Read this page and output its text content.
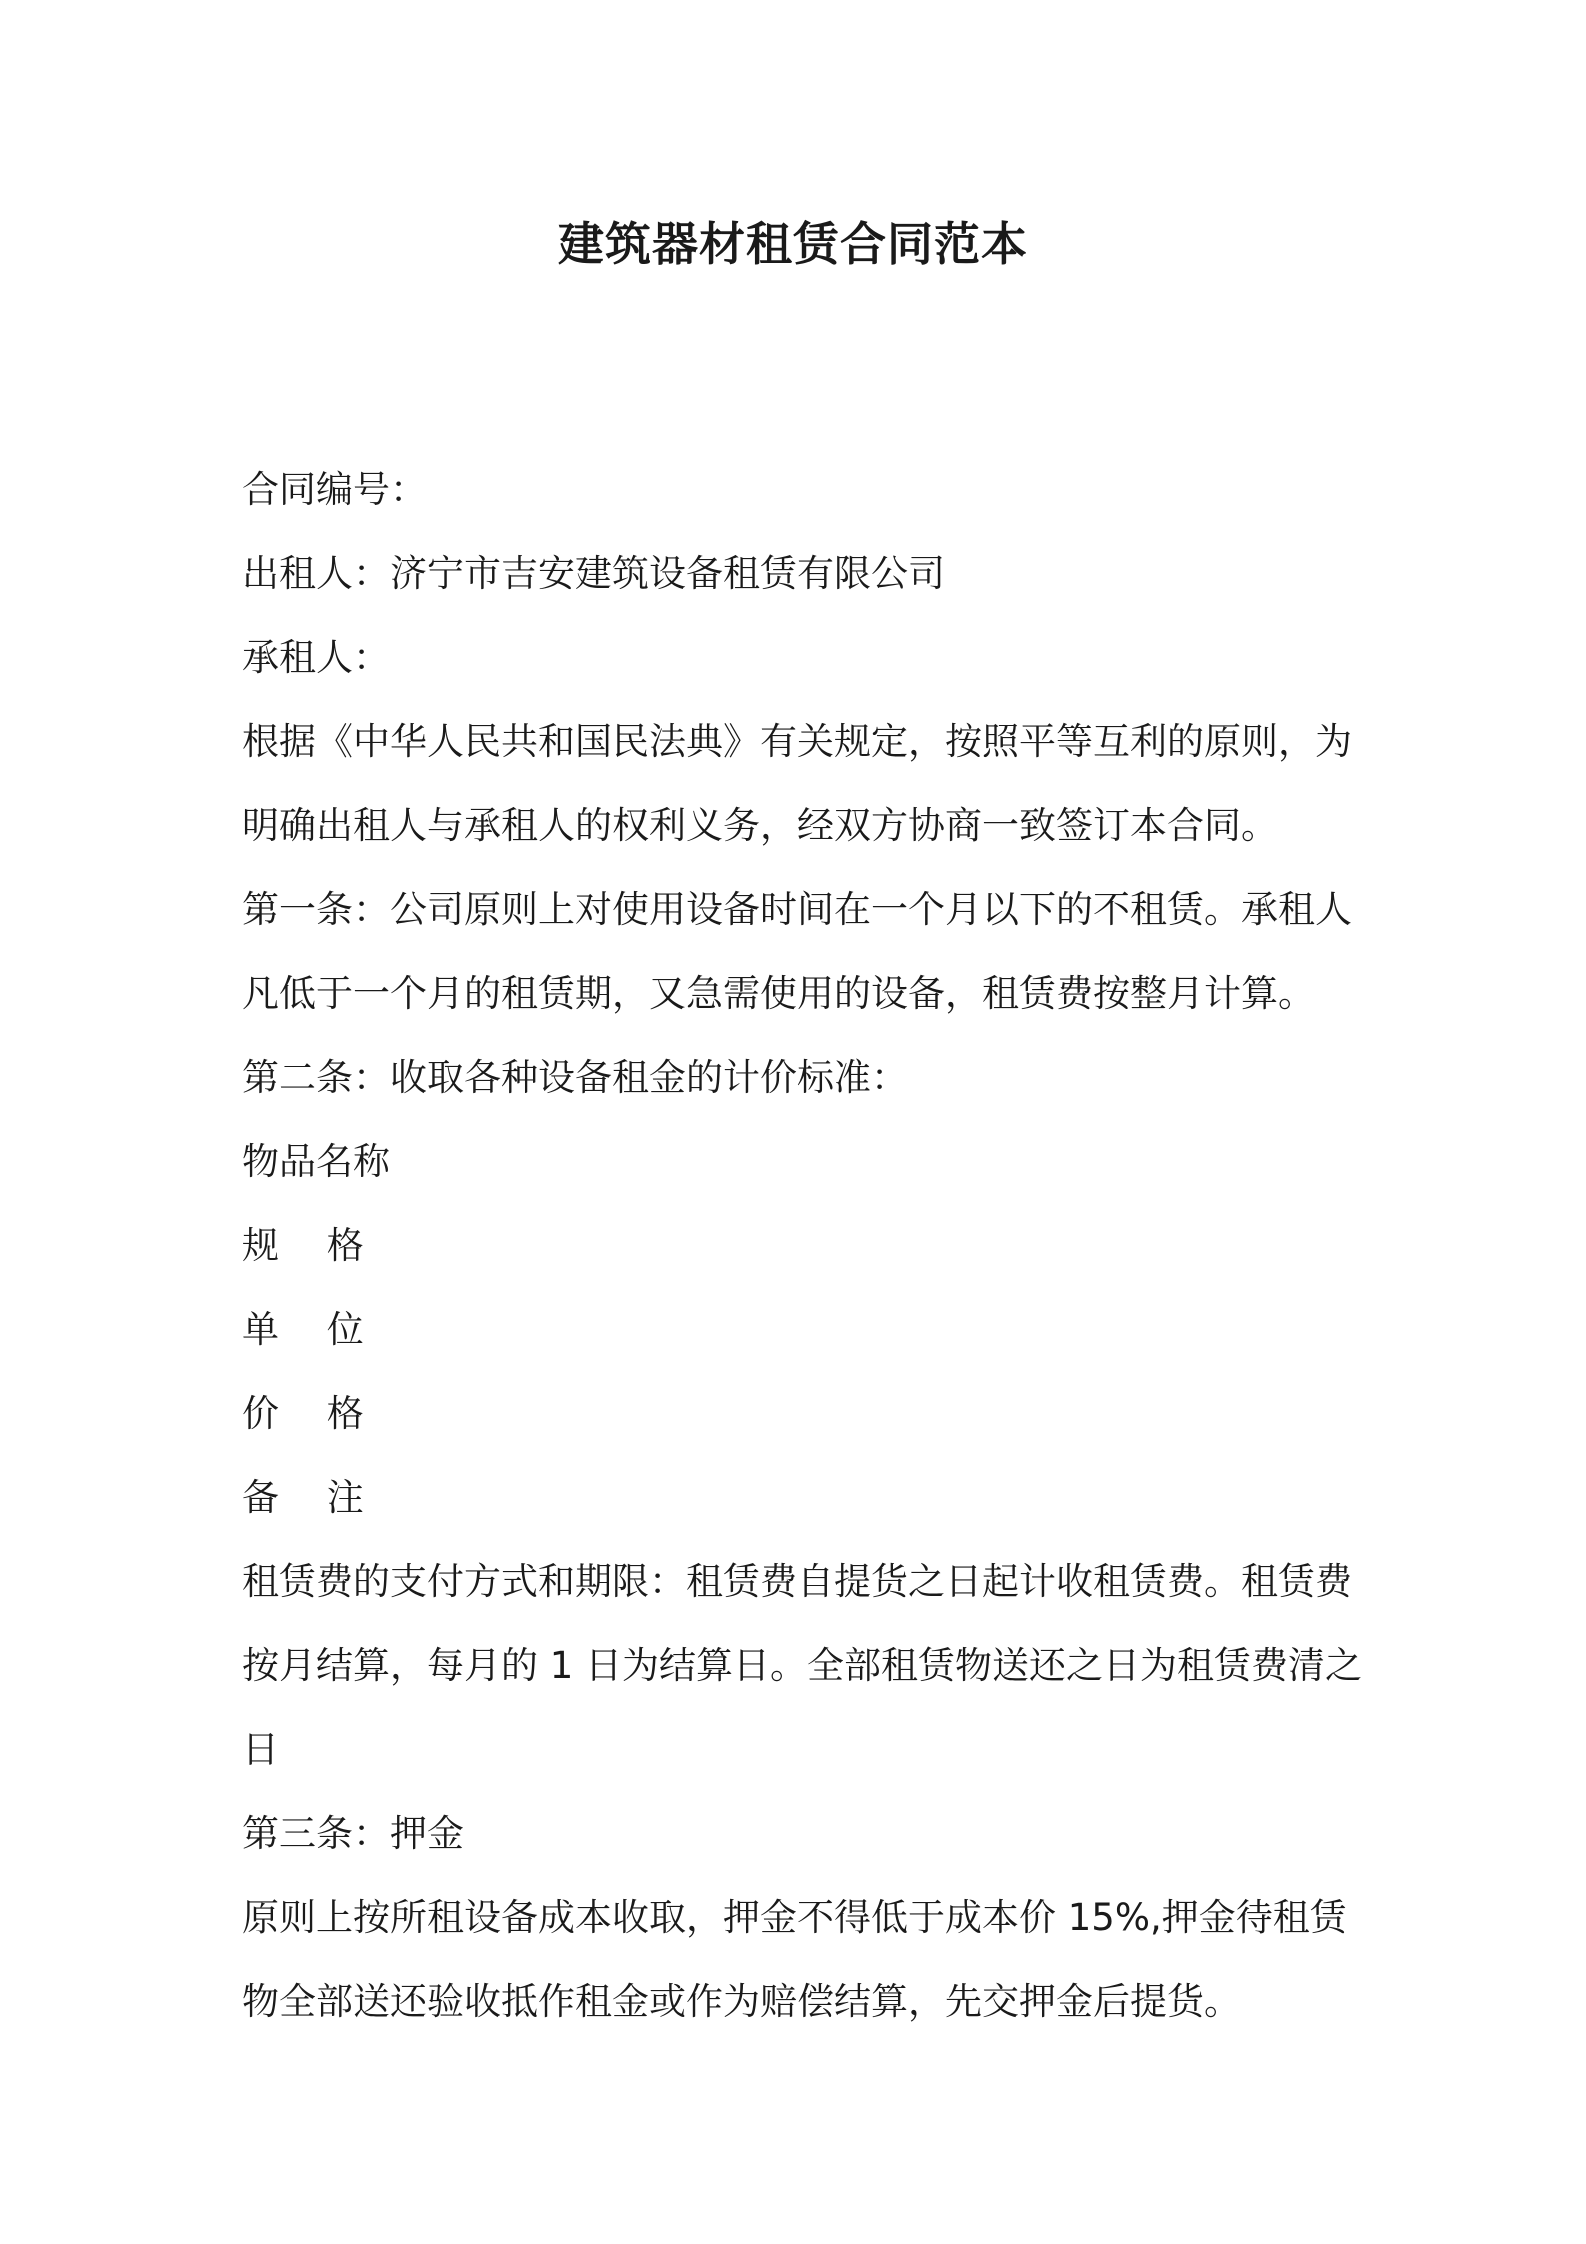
建筑器材租赁合同范本
合同编号：
出租人：济宁市吉安建筑设备租赁有限公司
承租人：
根据《中华人民共和国民法典》有关规定，按照平等互利的原则，为
明确出租人与承租人的权利义务，经双方协商一致签订本合同。
第一条：公司原则上对使用设备时间在一个月以下的不租赁。承租人
凡低于一个月的租赁期，又急需使用的设备，租赁费按整月计算。
第二条：收取各种设备租金的计价标准：
物品名称
规 格
单 位
价 格
备 注
租赁费的支付方式和期限：租赁费自提货之日起计收租赁费。租赁费
按月结算，每月的 1 日为结算日。全部租赁物送还之日为租赁费清之
日
第三条：押金
原则上按所租设备成本收取，押金不得低于成本价 15%,押金待租赁
物全部送还验收抵作租金或作为赔偿结算，先交押金后提货。
